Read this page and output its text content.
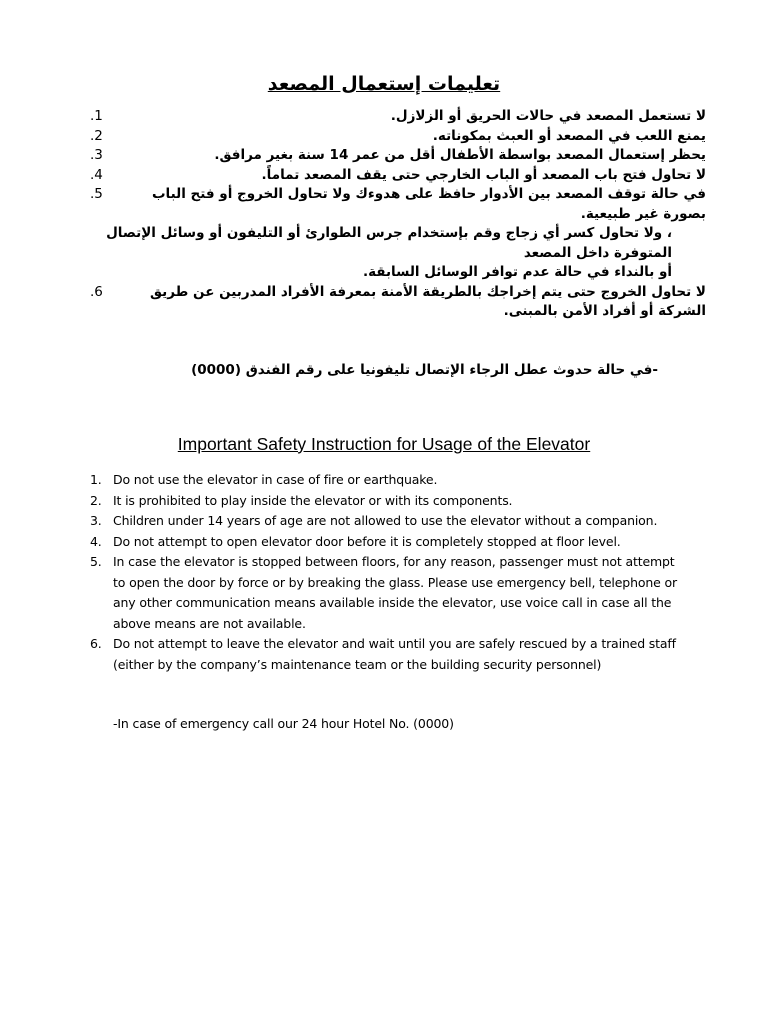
تعليمات إستعمال المصعد
لا تستعمل المصعد في حالات الحريق أو الزلازل.
.1
يمنع اللعب في المصعد أو العبث بمكوناته.
.2
يحظر إستعمال المصعد بواسطة الأطفال أقل من عمر 14 سنة بغير مرافق.
.3
لا تحاول فتح باب المصعد أو الباب الخارجي حتى يقف المصعد تماماً.
.4
في حالة توقف المصعد بين الأدوار حافظ على هدوءك ولا تحاول الخروج أو فتح الباب بصورة غير طبيعية.
.5
، ولا تحاول كسر أي زجاج وقم بإستخدام جرس الطوارئ أو التليفون أو وسائل الإتصال المتوفرة داخل المصعد
أو بالنداء في حالة عدم توافر الوسائل السابقة.
لا تحاول الخروج حتى يتم إخراجك بالطريقة الأمنة بمعرفة الأفراد المدربين عن طريق الشركة أو أفراد الأمن بالمبنى.
.6
-في حالة حدوث عطل الرجاء الإتصال تليفونيا على رقم الفندق (0000)
Important Safety Instruction for Usage of the Elevator
1. Do not use the elevator in case of fire or earthquake.
2. It is prohibited to play inside the elevator or with its components.
3. Children under 14 years of age are not allowed to use the elevator without a companion.
4. Do not attempt to open elevator door before it is completely stopped at floor level.
5. In case the elevator is stopped between floors, for any reason, passenger must not attempt to open the door by force or by breaking the glass. Please use emergency bell, telephone or any other communication means available inside the elevator, use voice call in case all the above means are not available.
6. Do not attempt to leave the elevator and wait until you are safely rescued by a trained staff (either by the company’s maintenance team or the building security personnel)
-In case of emergency call our 24 hour Hotel No. (0000)
